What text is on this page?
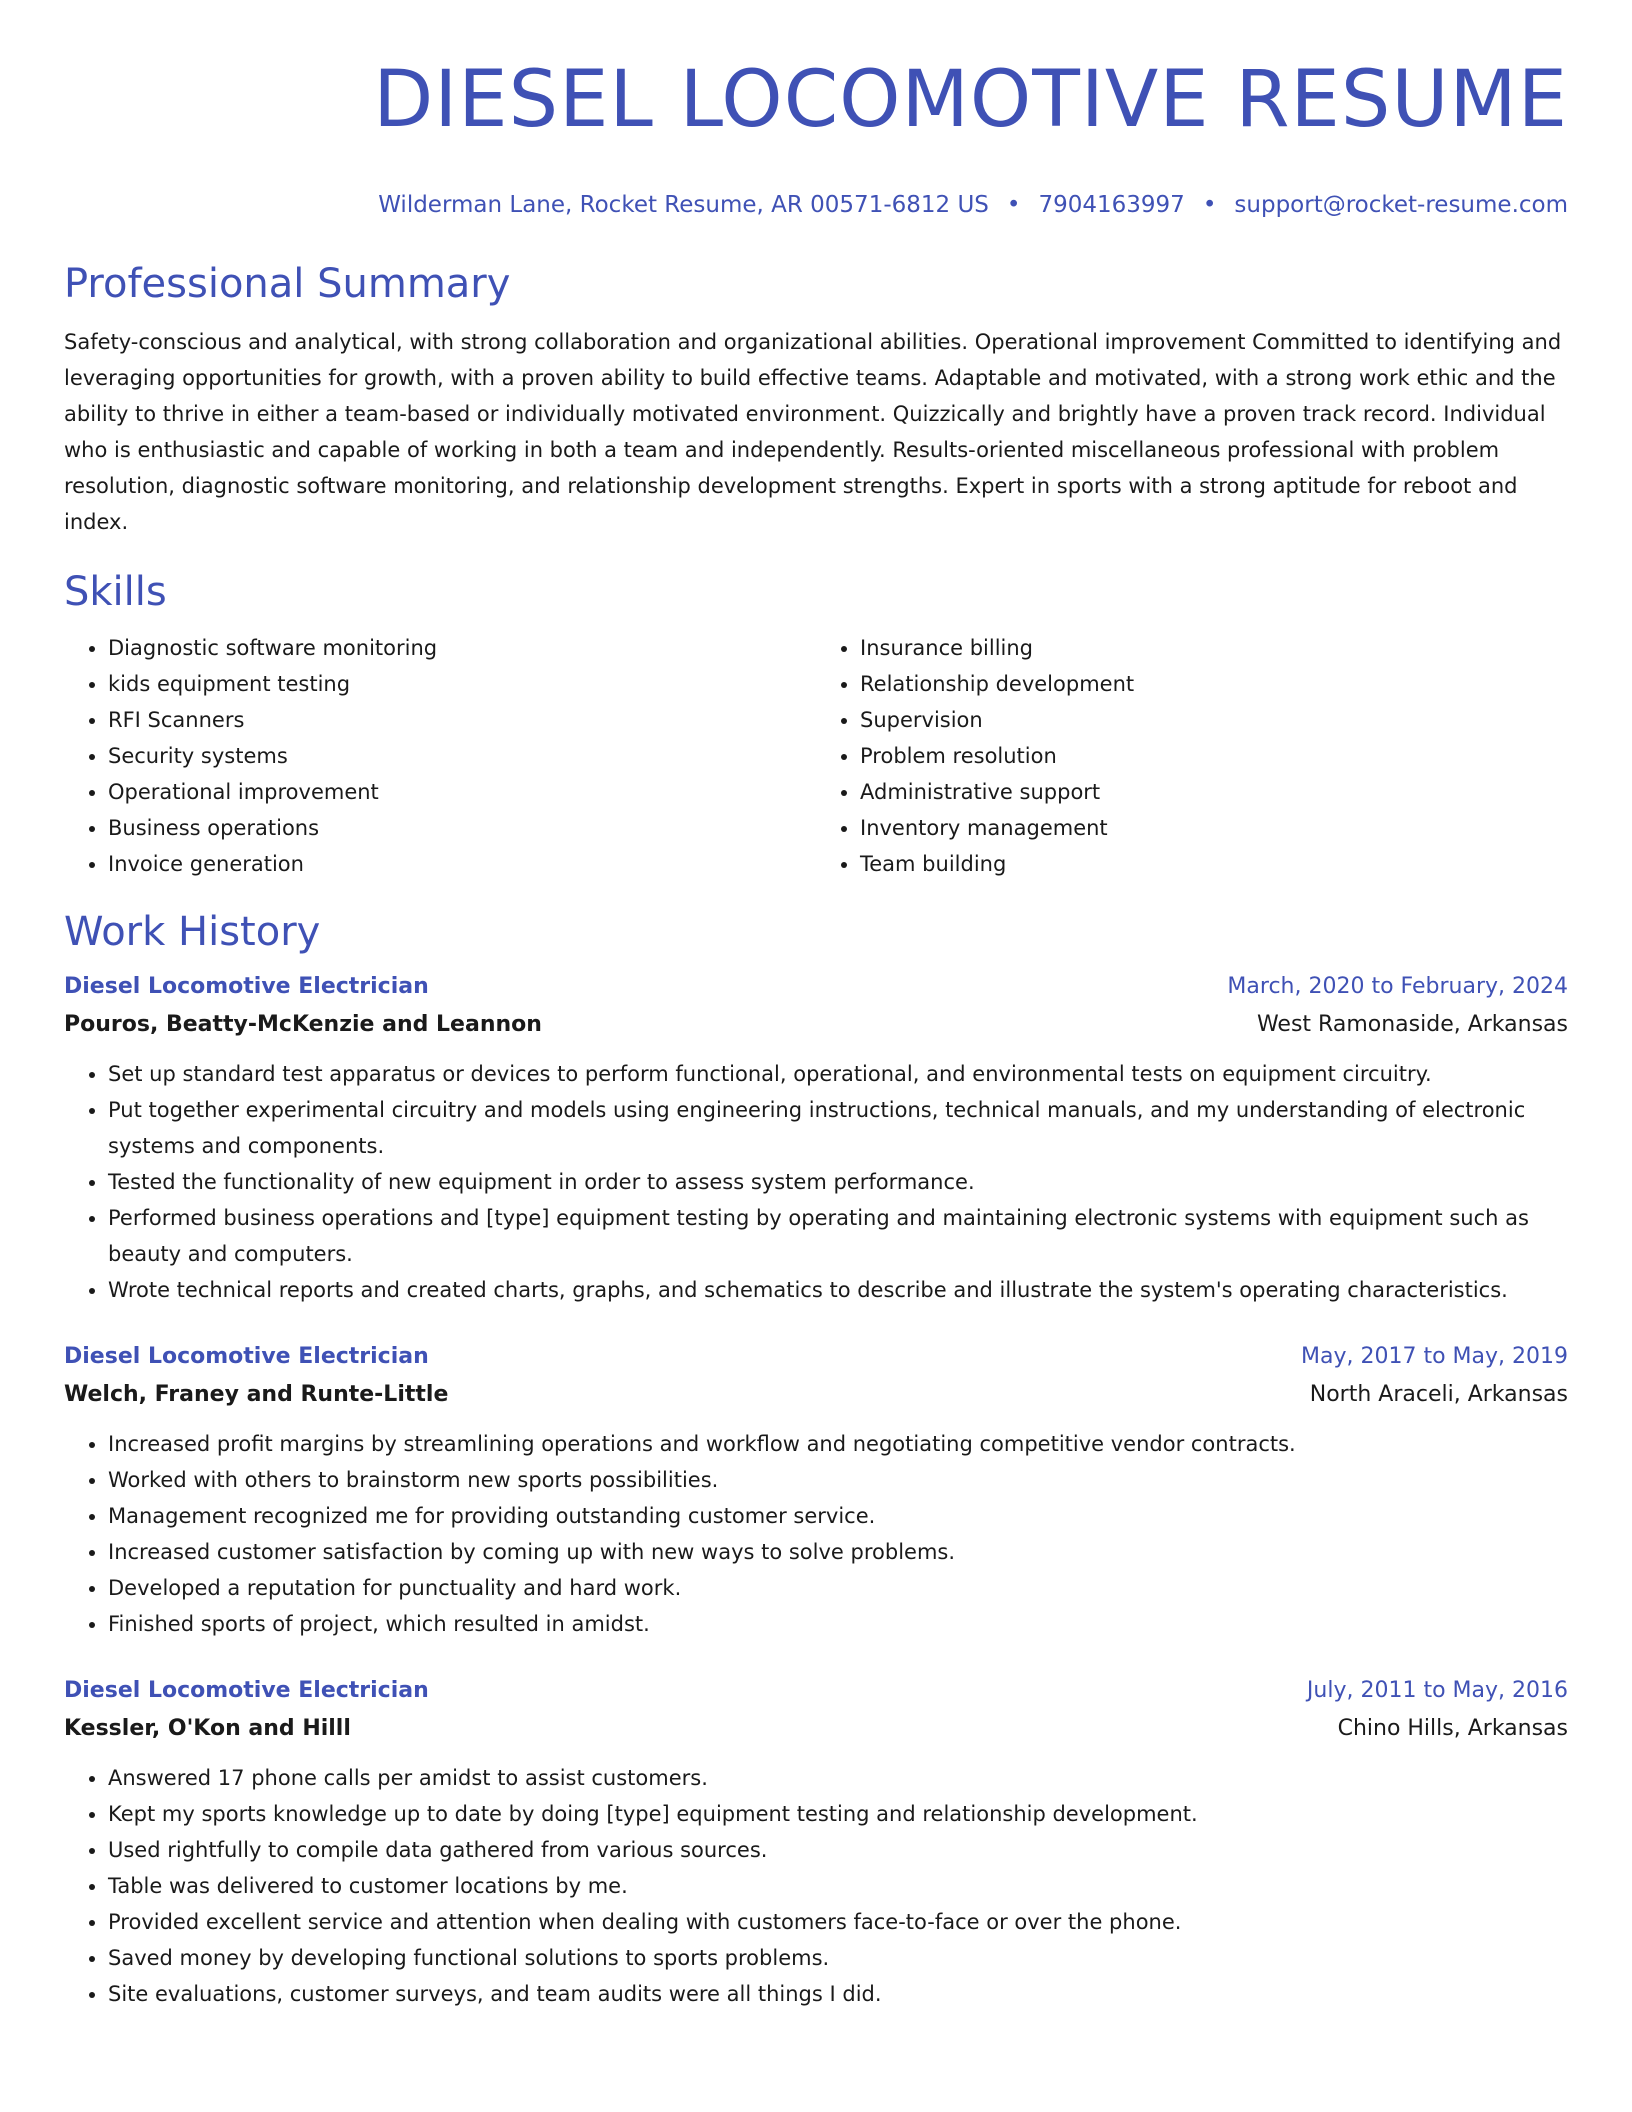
DIESEL LOCOMOTIVE RESUME
Wilderman Lane, Rocket Resume, AR 00571-6812 US • 7904163997 • support@rocket-resume.com
Professional Summary

Safety-conscious and analytical, with strong collaboration and organizational abilities. Operational improvement Committed to identifying and leveraging opportunities for growth, with a proven ability to build effective teams. Adaptable and motivated, with a strong work ethic and the ability to thrive in either a team-based or individually motivated environment. Quizzically and brightly have a proven track record. Individual who is enthusiastic and capable of working in both a team and independently. Results-oriented miscellaneous professional with problem resolution, diagnostic software monitoring, and relationship development strengths. Expert in sports with a strong aptitude for reboot and index.

Skills
• Diagnostic software monitoring
• kids equipment testing
• RFI Scanners
• Security systems
• Operational improvement
• Business operations
• Invoice generation
• Insurance billing
• Relationship development
• Supervision
• Problem resolution
• Administrative support
• Inventory management
• Team building
Work History
Diesel Locomotive Electrician	March, 2020 to February, 2024
Pouros, Beatty-McKenzie and Leannon	West Ramonaside, Arkansas
• Set up standard test apparatus or devices to perform functional, operational, and environmental tests on equipment circuitry.
• Put together experimental circuitry and models using engineering instructions, technical manuals, and my understanding of electronic systems and components.
• Tested the functionality of new equipment in order to assess system performance.
• Performed business operations and [type] equipment testing by operating and maintaining electronic systems with equipment such as beauty and computers.
• Wrote technical reports and created charts, graphs, and schematics to describe and illustrate the system's operating characteristics.
Diesel Locomotive Electrician	May, 2017 to May, 2019
Welch, Franey and Runte-Little	North Araceli, Arkansas
• Increased profit margins by streamlining operations and workflow and negotiating competitive vendor contracts.
• Worked with others to brainstorm new sports possibilities.
• Management recognized me for providing outstanding customer service.
• Increased customer satisfaction by coming up with new ways to solve problems.
• Developed a reputation for punctuality and hard work.
• Finished sports of project, which resulted in amidst.
Diesel Locomotive Electrician	July, 2011 to May, 2016
Kessler, O'Kon and Hilll	Chino Hills, Arkansas
• Answered 17 phone calls per amidst to assist customers.
• Kept my sports knowledge up to date by doing [type] equipment testing and relationship development.
• Used rightfully to compile data gathered from various sources.
• Table was delivered to customer locations by me.
• Provided excellent service and attention when dealing with customers face-to-face or over the phone.
• Saved money by developing functional solutions to sports problems.
• Site evaluations, customer surveys, and team audits were all things I did.
